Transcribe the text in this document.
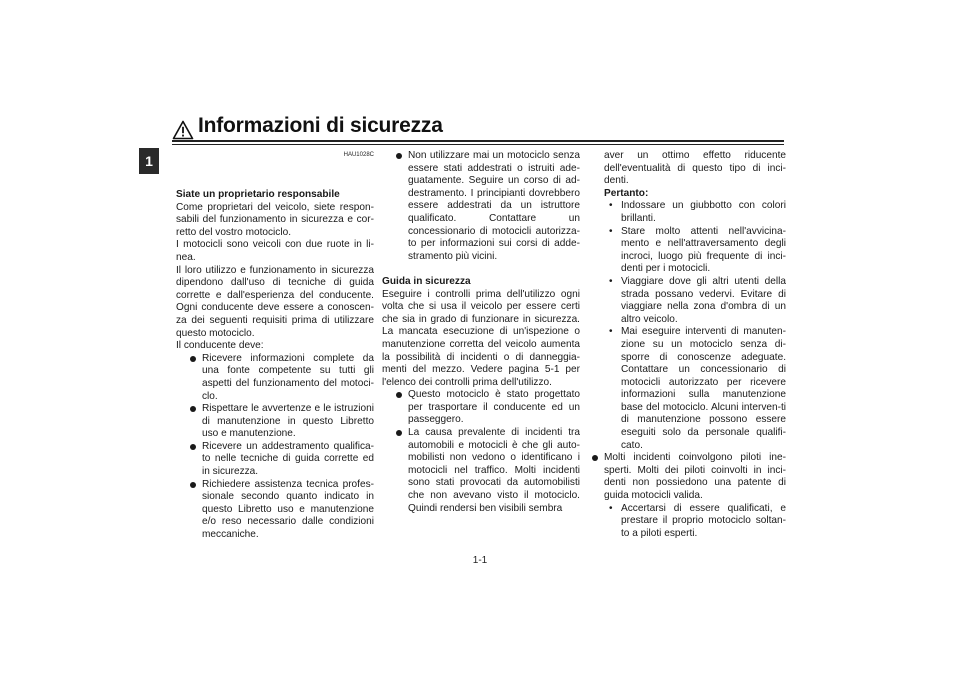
Informazioni di sicurezza
1	HAU1028C
Siate un proprietario responsabile
Come proprietari del veicolo, siete respon-sabili del funzionamento in sicurezza e cor-retto del vostro motociclo.
I motocicli sono veicoli con due ruote in li-nea.
Il loro utilizzo e funzionamento in sicurezza dipendono dall'uso di tecniche di guida corrette e dall'esperienza del conducente. Ogni conducente deve essere a conoscen-za dei seguenti requisiti prima di utilizzare questo motociclo.
Il conducente deve:
Ricevere informazioni complete da una fonte competente su tutti gli aspetti del funzionamento del motoci-clo.
Rispettare le avvertenze e le istruzioni di manutenzione in questo Libretto uso e manutenzione.
Ricevere un addestramento qualifica-to nelle tecniche di guida corrette ed in sicurezza.
Richiedere assistenza tecnica profes-sionale secondo quanto indicato in questo Libretto uso e manutenzione e/o reso necessario dalle condizioni meccaniche.
Non utilizzare mai un motociclo senza essere stati addestrati o istruiti ade-guatamente. Seguire un corso di ad-destramento. I principianti dovrebbero essere addestrati da un istruttore qualificato. Contattare un concessionario di motocicli autorizza-to per informazioni sui corsi di adde-stramento più vicini.
Guida in sicurezza
Eseguire i controlli prima dell'utilizzo ogni volta che si usa il veicolo per essere certi che sia in grado di funzionare in sicurezza. La mancata esecuzione di un'ispezione o manutenzione corretta del veicolo aumenta la possibilità di incidenti o di danneggia-menti del mezzo. Vedere pagina 5-1 per l'elenco dei controlli prima dell'utilizzo.
Questo motociclo è stato progettato per trasportare il conducente ed un passeggero.
La causa prevalente di incidenti tra automobili e motocicli è che gli auto-mobilisti non vedono o identificano i motocicli nel traffico. Molti incidenti sono stati provocati da automobilisti che non avevano visto il motociclo. Quindi rendersi ben visibili sembra
aver un ottimo effetto riducente dell'eventualità di questo tipo di inci-denti.
Pertanto:
• Indossare un giubbotto con colori brillanti.
• Stare molto attenti nell'avvicina-mento e nell'attraversamento degli incroci, luogo più frequente di inci-denti per i motocicli.
• Viaggiare dove gli altri utenti della strada possano vedervi. Evitare di viaggiare nella zona d'ombra di un altro veicolo.
• Mai eseguire interventi di manuten-zione su un motociclo senza di-sporre di conoscenze adeguate. Contattare un concessionario di motocicli autorizzato per ricevere informazioni sulla manutenzione base del motociclo. Alcuni interven-ti di manutenzione possono essere eseguiti solo da personale qualifi-cato.
Molti incidenti coinvolgono piloti ine-sperti. Molti dei piloti coinvolti in inci-denti non possiedono una patente di guida motocicli valida.
• Accertarsi di essere qualificati, e prestare il proprio motociclo soltan-to a piloti esperti.
1-1
